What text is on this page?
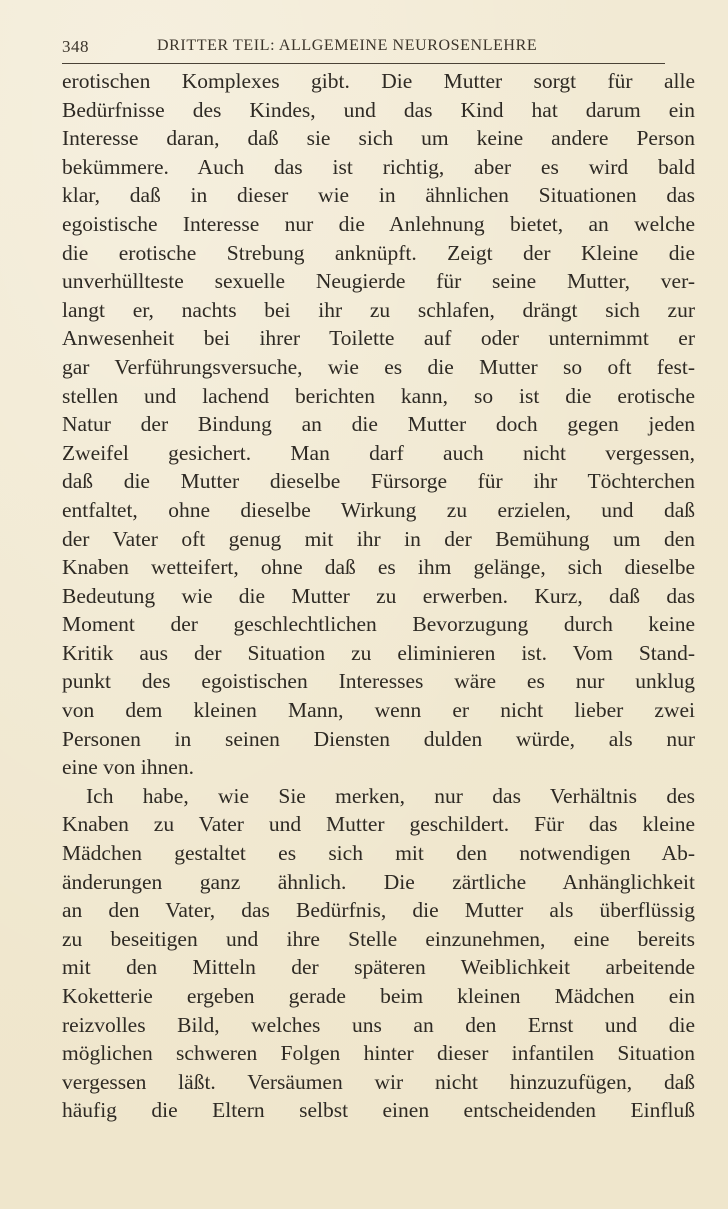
348	DRITTER TEIL: ALLGEMEINE NEUROSENLEHRE
erotischen Komplexes gibt. Die Mutter sorgt für alle
Bedürfnisse des Kindes, und das Kind hat darum ein
Interesse daran, daß sie sich um keine andere Person
bekümmere. Auch das ist richtig, aber es wird bald
klar, daß in dieser wie in ähnlichen Situationen das
egoistische Interesse nur die Anlehnung bietet, an welche
die erotische Strebung anknüpft. Zeigt der Kleine die
unverhüllteste sexuelle Neugierde für seine Mutter, ver-
langt er, nachts bei ihr zu schlafen, drängt sich zur
Anwesenheit bei ihrer Toilette auf oder unternimmt er
gar Verführungsversuche, wie es die Mutter so oft fest-
stellen und lachend berichten kann, so ist die erotische
Natur der Bindung an die Mutter doch gegen jeden
Zweifel gesichert. Man darf auch nicht vergessen,
daß die Mutter dieselbe Fürsorge für ihr Töchterchen
entfaltet, ohne dieselbe Wirkung zu erzielen, und daß
der Vater oft genug mit ihr in der Bemühung um den
Knaben wetteifert, ohne daß es ihm gelänge, sich dieselbe
Bedeutung wie die Mutter zu erwerben. Kurz, daß das
Moment der geschlechtlichen Bevorzugung durch keine
Kritik aus der Situation zu eliminieren ist. Vom Stand-
punkt des egoistischen Interesses wäre es nur unklug
von dem kleinen Mann, wenn er nicht lieber zwei
Personen in seinen Diensten dulden würde, als nur
eine von ihnen.
Ich habe, wie Sie merken, nur das Verhältnis des
Knaben zu Vater und Mutter geschildert. Für das kleine
Mädchen gestaltet es sich mit den notwendigen Ab-
änderungen ganz ähnlich. Die zärtliche Anhänglichkeit
an den Vater, das Bedürfnis, die Mutter als überflüssig
zu beseitigen und ihre Stelle einzunehmen, eine bereits
mit den Mitteln der späteren Weiblichkeit arbeitende
Koketterie ergeben gerade beim kleinen Mädchen ein
reizvolles Bild, welches uns an den Ernst und die
möglichen schweren Folgen hinter dieser infantilen Situation
vergessen läßt. Versäumen wir nicht hinzuzufügen, daß
häufig die Eltern selbst einen entscheidenden Einfluß
